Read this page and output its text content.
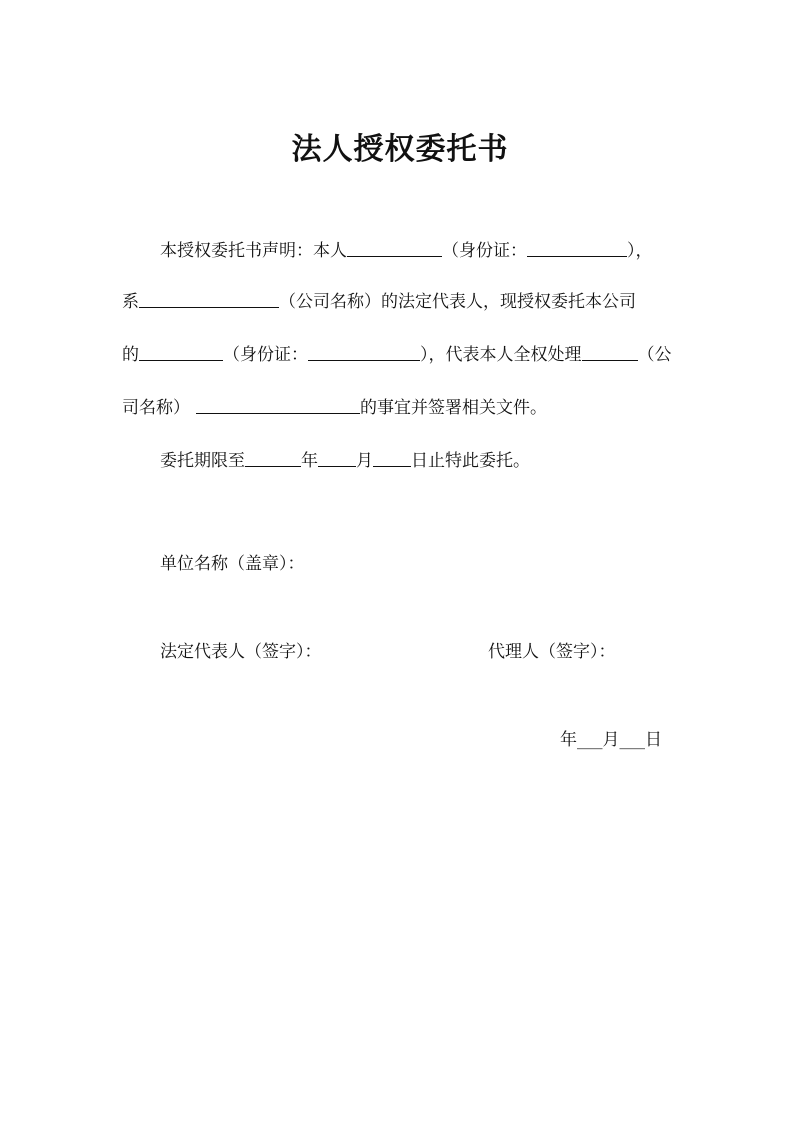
法人授权委托书
本授权委托书声明：本人	（身份证：	），
系	（公司名称）的法定代表人，现授权委托本公司
的	（身份证：	），代表本人全权处理	（公
司名称）	的事宜并签署相关文件。
委托期限至	年 月 日止特此委托。
单位名称（盖章）：
法定代表人（签字）：	代理人（签字）：
年___月___日
